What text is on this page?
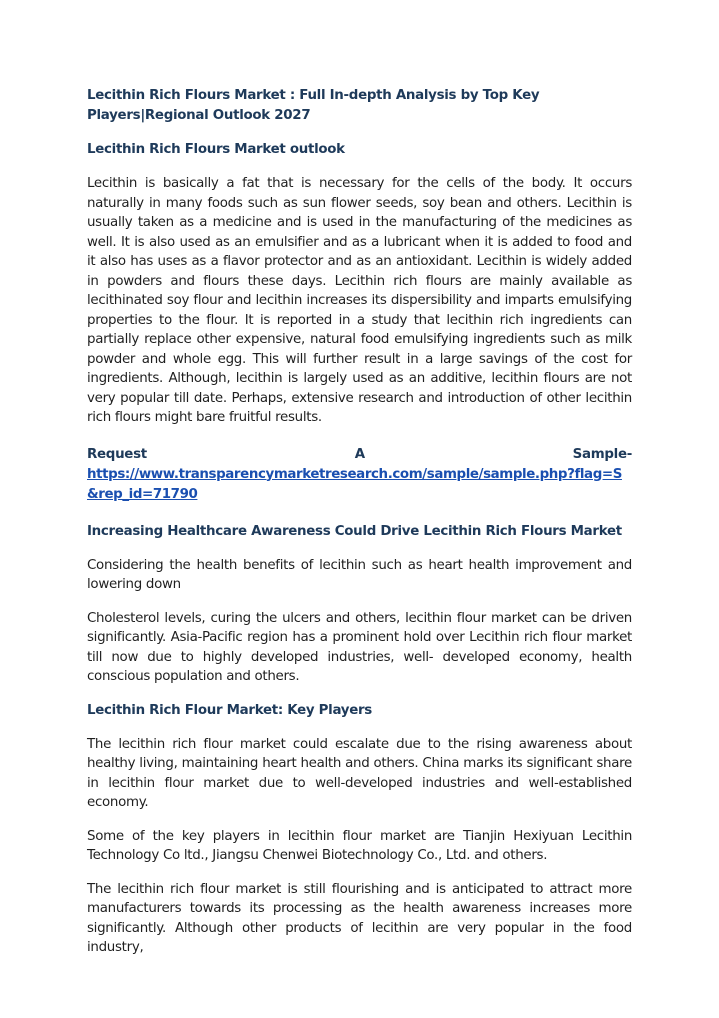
Lecithin Rich Flours Market : Full In-depth Analysis by Top Key Players|Regional Outlook 2027

Lecithin Rich Flours Market outlook

Lecithin is basically a fat that is necessary for the cells of the body. It occurs naturally in many foods such as sun flower seeds, soy bean and others. Lecithin is usually taken as a medicine and is used in the manufacturing of the medicines as well. It is also used as an emulsifier and as a lubricant when it is added to food and it also has uses as a flavor protector and as an antioxidant. Lecithin is widely added in powders and flours these days. Lecithin rich flours are mainly available as lecithinated soy flour and lecithin increases its dispersibility and imparts emulsifying properties to the flour. It is reported in a study that lecithin rich ingredients can partially replace other expensive, natural food emulsifying ingredients such as milk powder and whole egg. This will further result in a large savings of the cost for ingredients. Although, lecithin is largely used as an additive, lecithin flours are not very popular till date. Perhaps, extensive research and introduction of other lecithin rich flours might bare fruitful results.

Request	A	Sample-
https://www.transparencymarketresearch.com/sample/sample.php?flag=S&rep_id=71790

Increasing Healthcare Awareness Could Drive Lecithin Rich Flours Market

Considering the health benefits of lecithin such as heart health improvement and lowering down

Cholesterol levels, curing the ulcers and others, lecithin flour market can be driven significantly. Asia-Pacific region has a prominent hold over Lecithin rich flour market till now due to highly developed industries, well- developed economy, health conscious population and others.

Lecithin Rich Flour Market: Key Players

The lecithin rich flour market could escalate due to the rising awareness about healthy living, maintaining heart health and others. China marks its significant share in lecithin flour market due to well-developed industries and well-established economy.

Some of the key players in lecithin flour market are Tianjin Hexiyuan Lecithin Technology Co ltd., Jiangsu Chenwei Biotechnology Co., Ltd. and others.

The lecithin rich flour market is still flourishing and is anticipated to attract more manufacturers towards its processing as the health awareness increases more significantly. Although other products of lecithin are very popular in the food industry,
